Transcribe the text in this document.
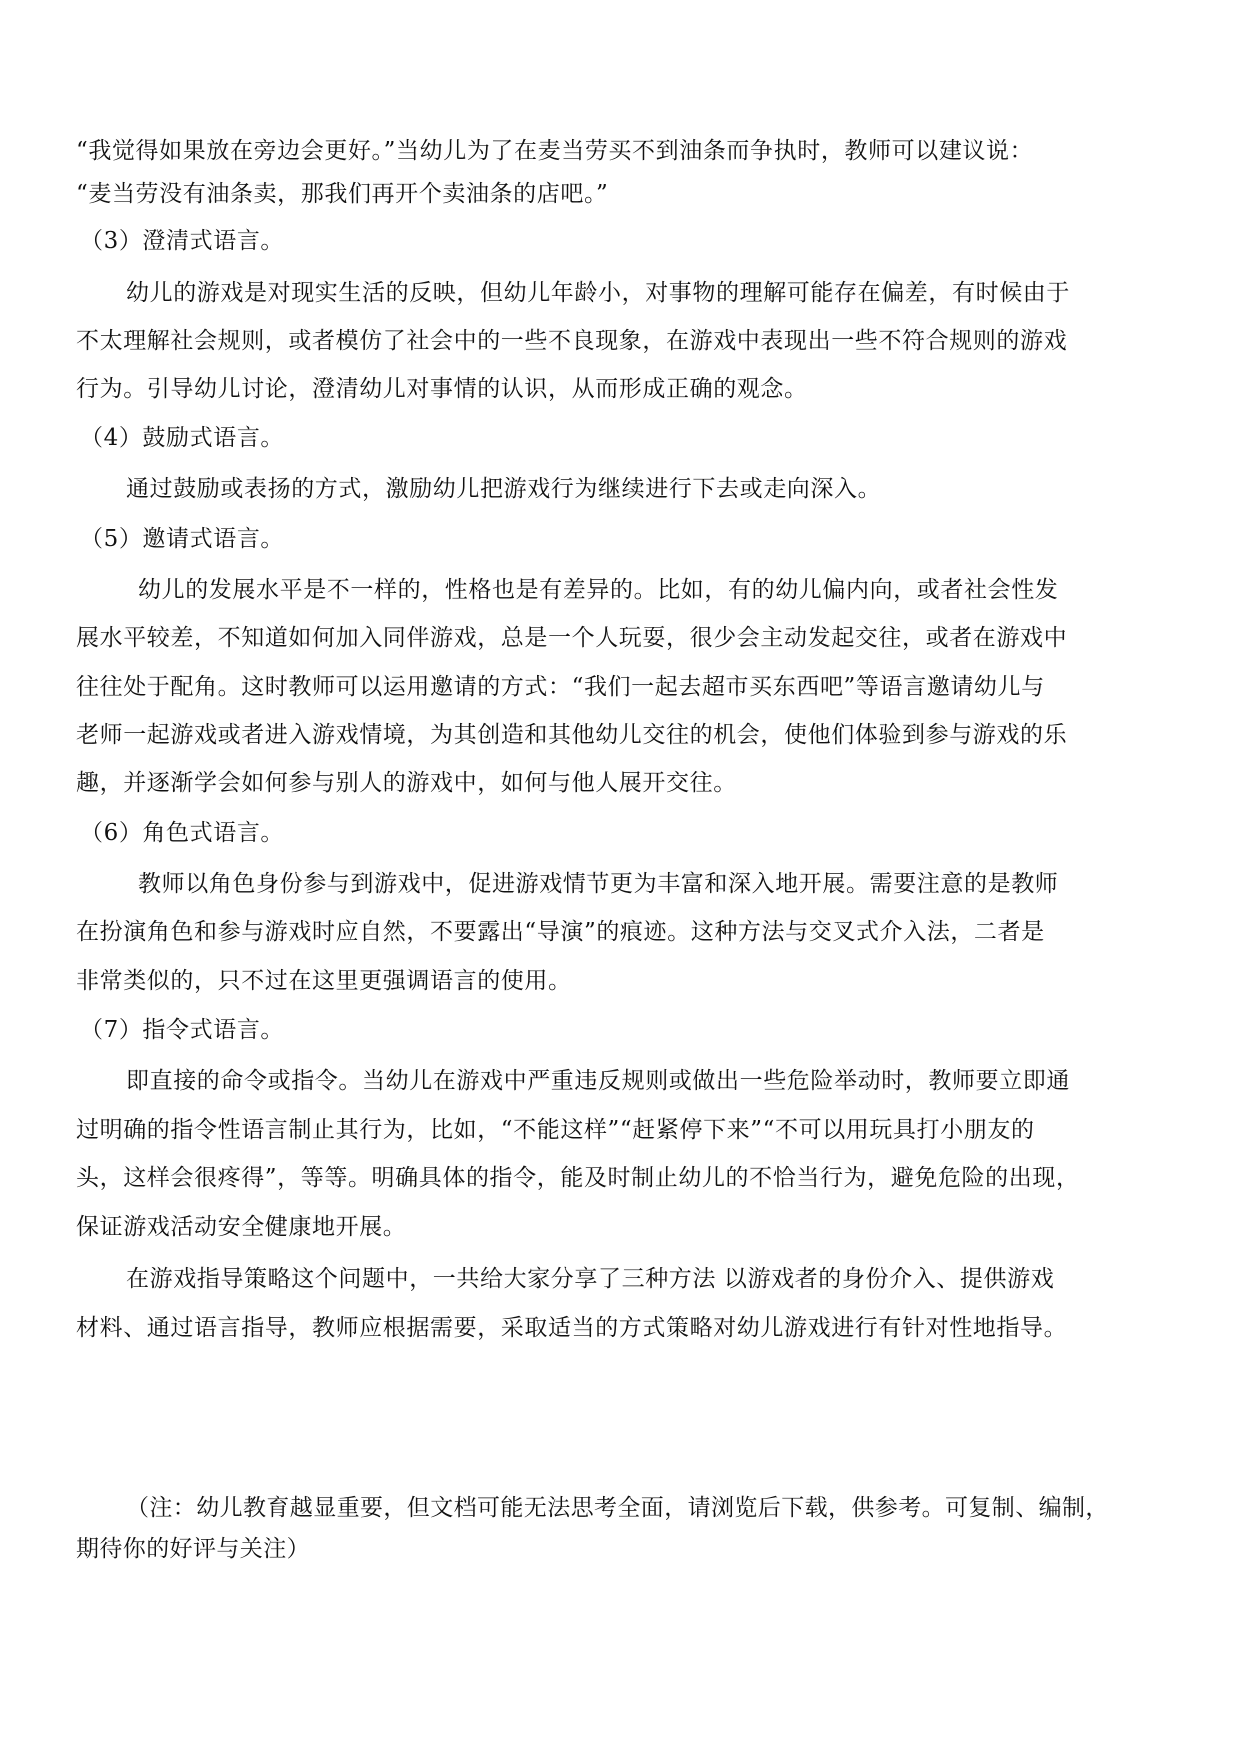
“我觉得如果放在旁边会更好。”当幼儿为了在麦当劳买不到油条而争执时，教师可以建议说：
“麦当劳没有油条卖，那我们再开个卖油条的店吧。”
（3）澄清式语言。
幼儿的游戏是对现实生活的反映，但幼儿年龄小，对事物的理解可能存在偏差，有时候由于
不太理解社会规则，或者模仿了社会中的一些不良现象，在游戏中表现出一些不符合规则的游戏
行为。引导幼儿讨论，澄清幼儿对事情的认识，从而形成正确的观念。
（4）鼓励式语言。
通过鼓励或表扬的方式，激励幼儿把游戏行为继续进行下去或走向深入。
（5）邀请式语言。
幼儿的发展水平是不一样的，性格也是有差异的。比如，有的幼儿偏内向，或者社会性发
展水平较差，不知道如何加入同伴游戏，总是一个人玩耍，很少会主动发起交往，或者在游戏中
往往处于配角。这时教师可以运用邀请的方式：“我们一起去超市买东西吧”等语言邀请幼儿与
老师一起游戏或者进入游戏情境，为其创造和其他幼儿交往的机会，使他们体验到参与游戏的乐
趣，并逐渐学会如何参与别人的游戏中，如何与他人展开交往。
（6）角色式语言。
教师以角色身份参与到游戏中，促进游戏情节更为丰富和深入地开展。需要注意的是教师
在扮演角色和参与游戏时应自然，不要露出“导演”的痕迹。这种方法与交叉式介入法，二者是
非常类似的，只不过在这里更强调语言的使用。
（7）指令式语言。
即直接的命令或指令。当幼儿在游戏中严重违反规则或做出一些危险举动时，教师要立即通
过明确的指令性语言制止其行为，比如，“不能这样”“赶紧停下来”“不可以用玩具打小朋友的
头，这样会很疼得”，等等。明确具体的指令，能及时制止幼儿的不恰当行为，避免危险的出现，
保证游戏活动安全健康地开展。
在游戏指导策略这个问题中，一共给大家分享了三种方法 以游戏者的身份介入、提供游戏
材料、通过语言指导，教师应根据需要，采取适当的方式策略对幼儿游戏进行有针对性地指导。
（注：幼儿教育越显重要，但文档可能无法思考全面，请浏览后下载，供参考。可复制、编制，
期待你的好评与关注）
